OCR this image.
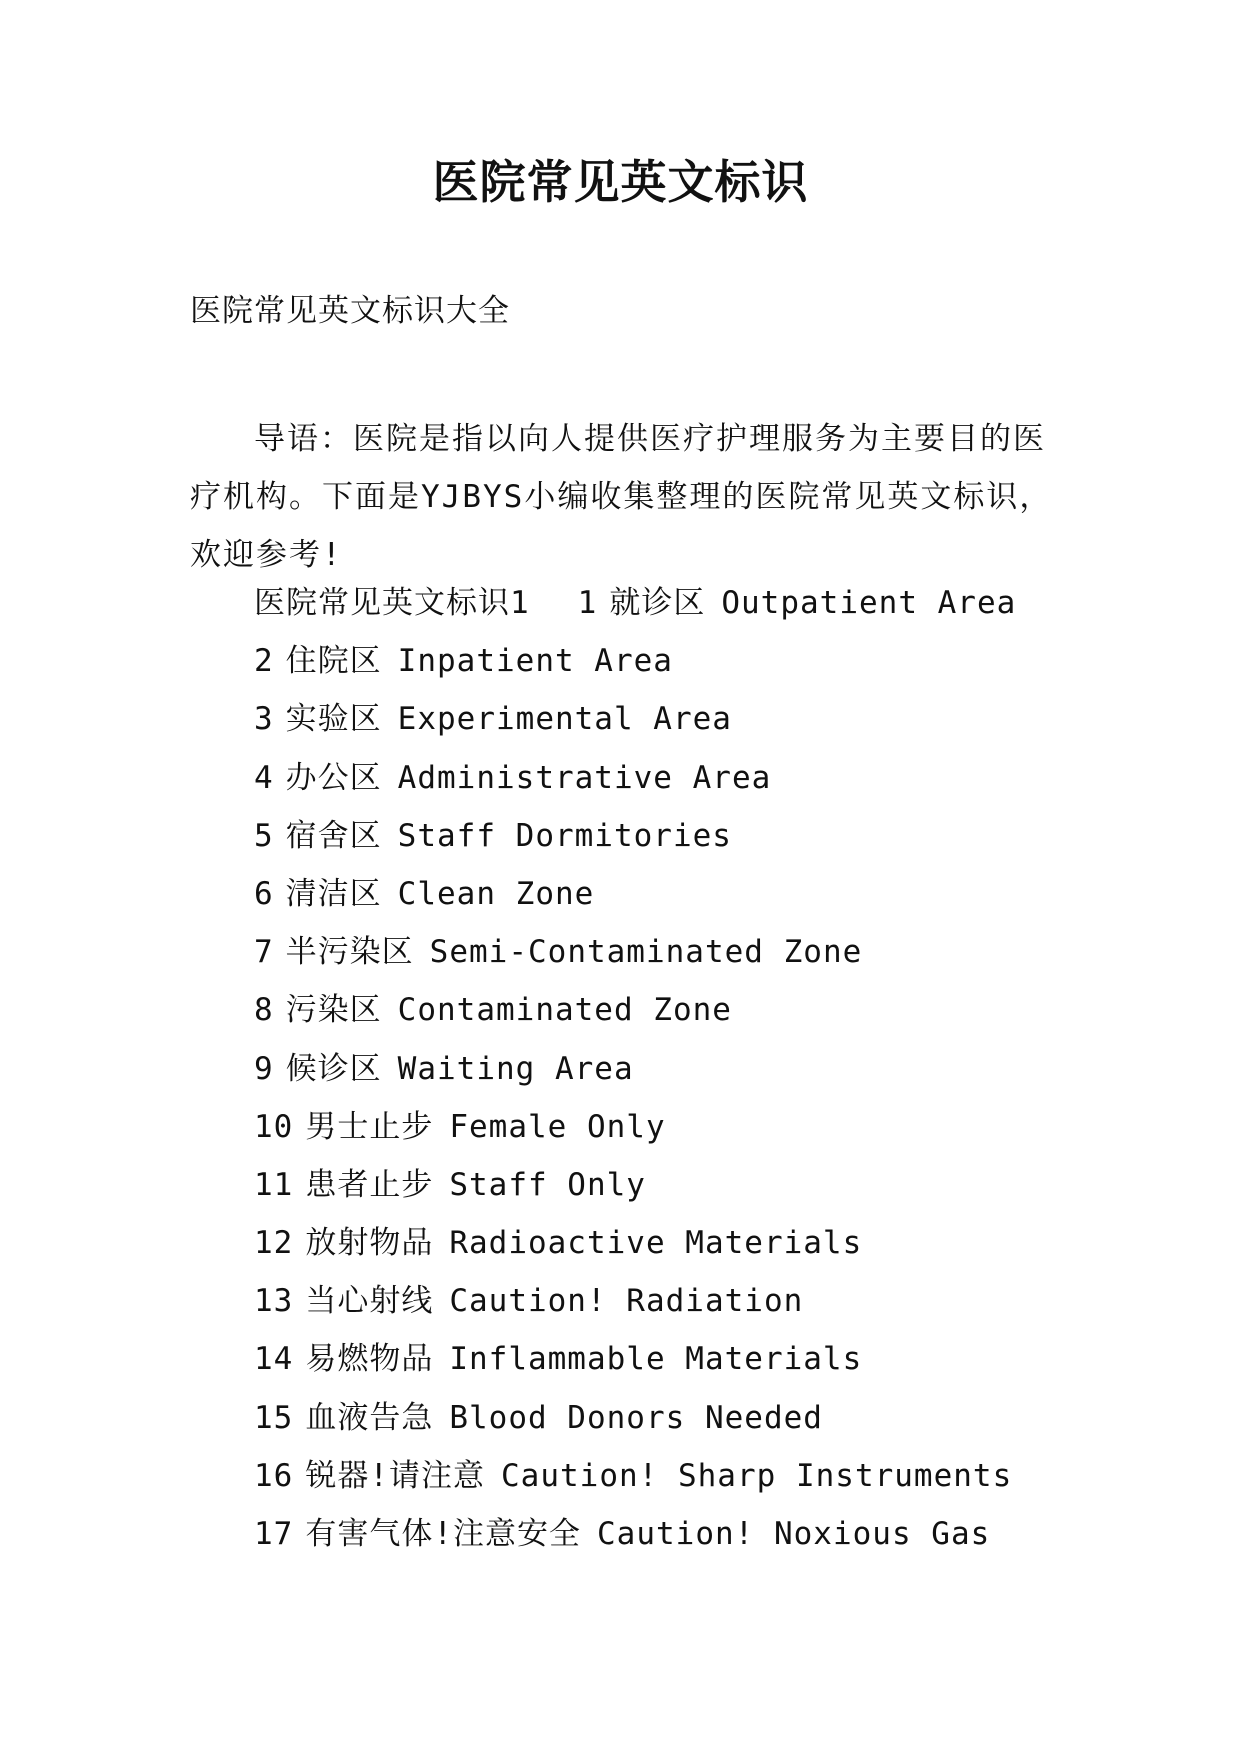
医院常见英文标识

医院常见英文标识大全

导语：医院是指以向人提供医疗护理服务为主要目的医疗机构。下面是YJBYS小编收集整理的医院常见英文标识，欢迎参考!

医院常见英文标识1 1 就诊区 Outpatient Area
2 住院区 Inpatient Area
3 实验区 Experimental Area
4 办公区 Administrative Area
5 宿舍区 Staff Dormitories
6 清洁区 Clean Zone
7 半污染区 Semi-Contaminated Zone
8 污染区 Contaminated Zone
9 候诊区 Waiting Area
10 男士止步 Female Only
11 患者止步 Staff Only
12 放射物品 Radioactive Materials
13 当心射线 Caution! Radiation
14 易燃物品 Inflammable Materials
15 血液告急 Blood Donors Needed
16 锐器!请注意 Caution! Sharp Instruments
17 有害气体!注意安全 Caution! Noxious Gas
